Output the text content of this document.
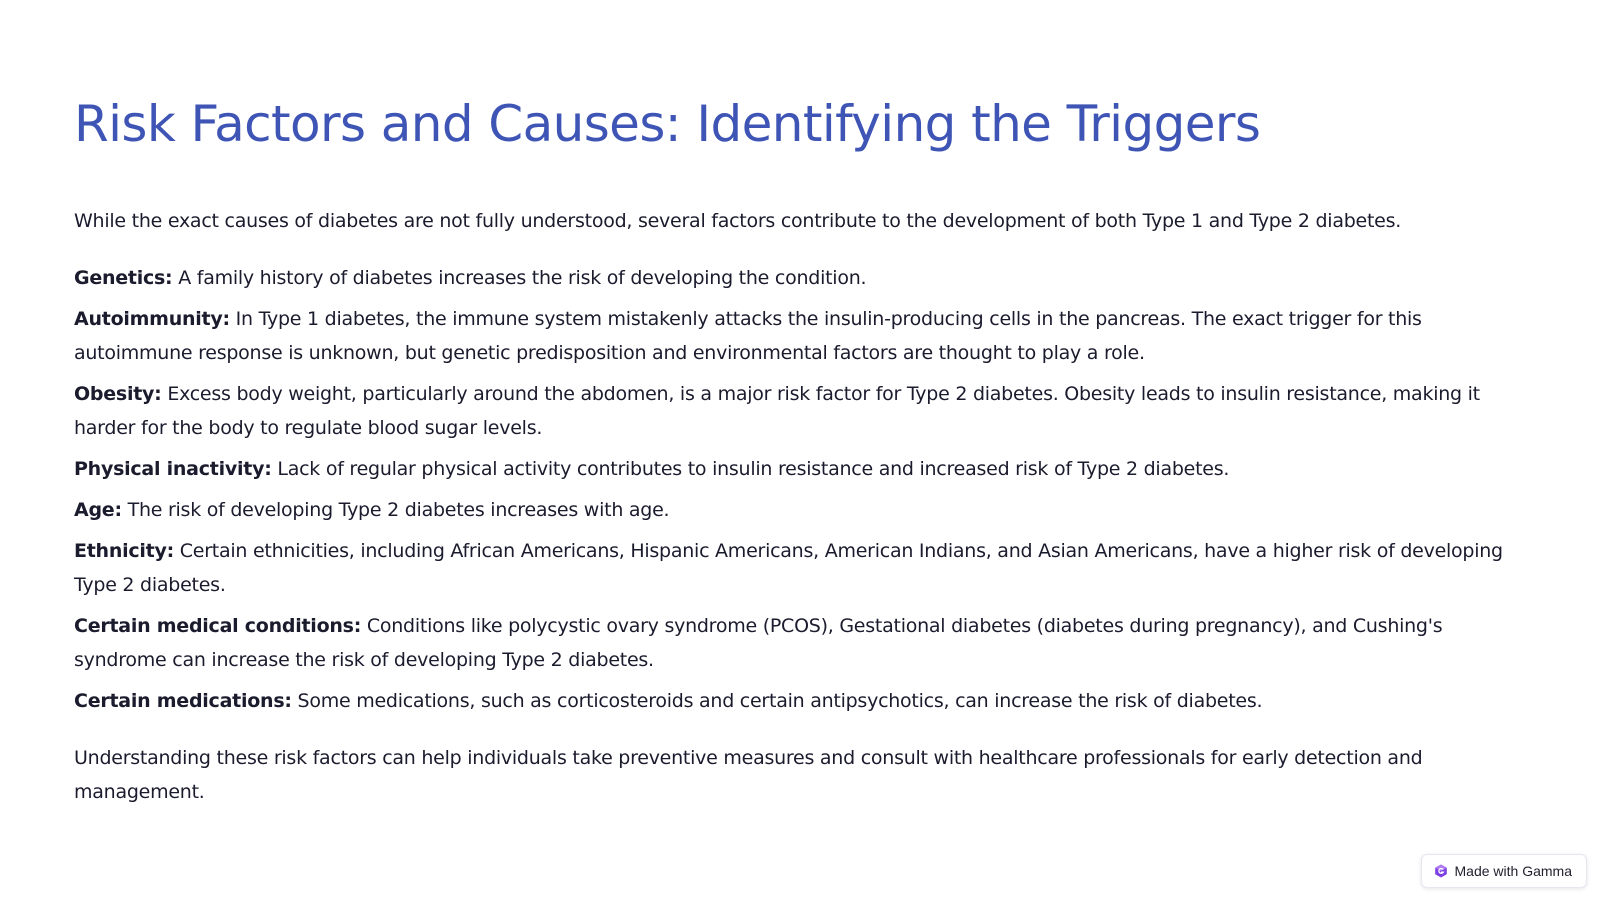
Risk Factors and Causes: Identifying the Triggers

While the exact causes of diabetes are not fully understood, several factors contribute to the development of both Type 1 and Type 2 diabetes.

Genetics: A family history of diabetes increases the risk of developing the condition.

Autoimmunity: In Type 1 diabetes, the immune system mistakenly attacks the insulin-producing cells in the pancreas. The exact trigger for this autoimmune response is unknown, but genetic predisposition and environmental factors are thought to play a role.

Obesity: Excess body weight, particularly around the abdomen, is a major risk factor for Type 2 diabetes. Obesity leads to insulin resistance, making it harder for the body to regulate blood sugar levels.

Physical inactivity: Lack of regular physical activity contributes to insulin resistance and increased risk of Type 2 diabetes.

Age: The risk of developing Type 2 diabetes increases with age.

Ethnicity: Certain ethnicities, including African Americans, Hispanic Americans, American Indians, and Asian Americans, have a higher risk of developing Type 2 diabetes.

Certain medical conditions: Conditions like polycystic ovary syndrome (PCOS), Gestational diabetes (diabetes during pregnancy), and Cushing's syndrome can increase the risk of developing Type 2 diabetes.

Certain medications: Some medications, such as corticosteroids and certain antipsychotics, can increase the risk of diabetes.

Understanding these risk factors can help individuals take preventive measures and consult with healthcare professionals for early detection and management.

Made with Gamma
